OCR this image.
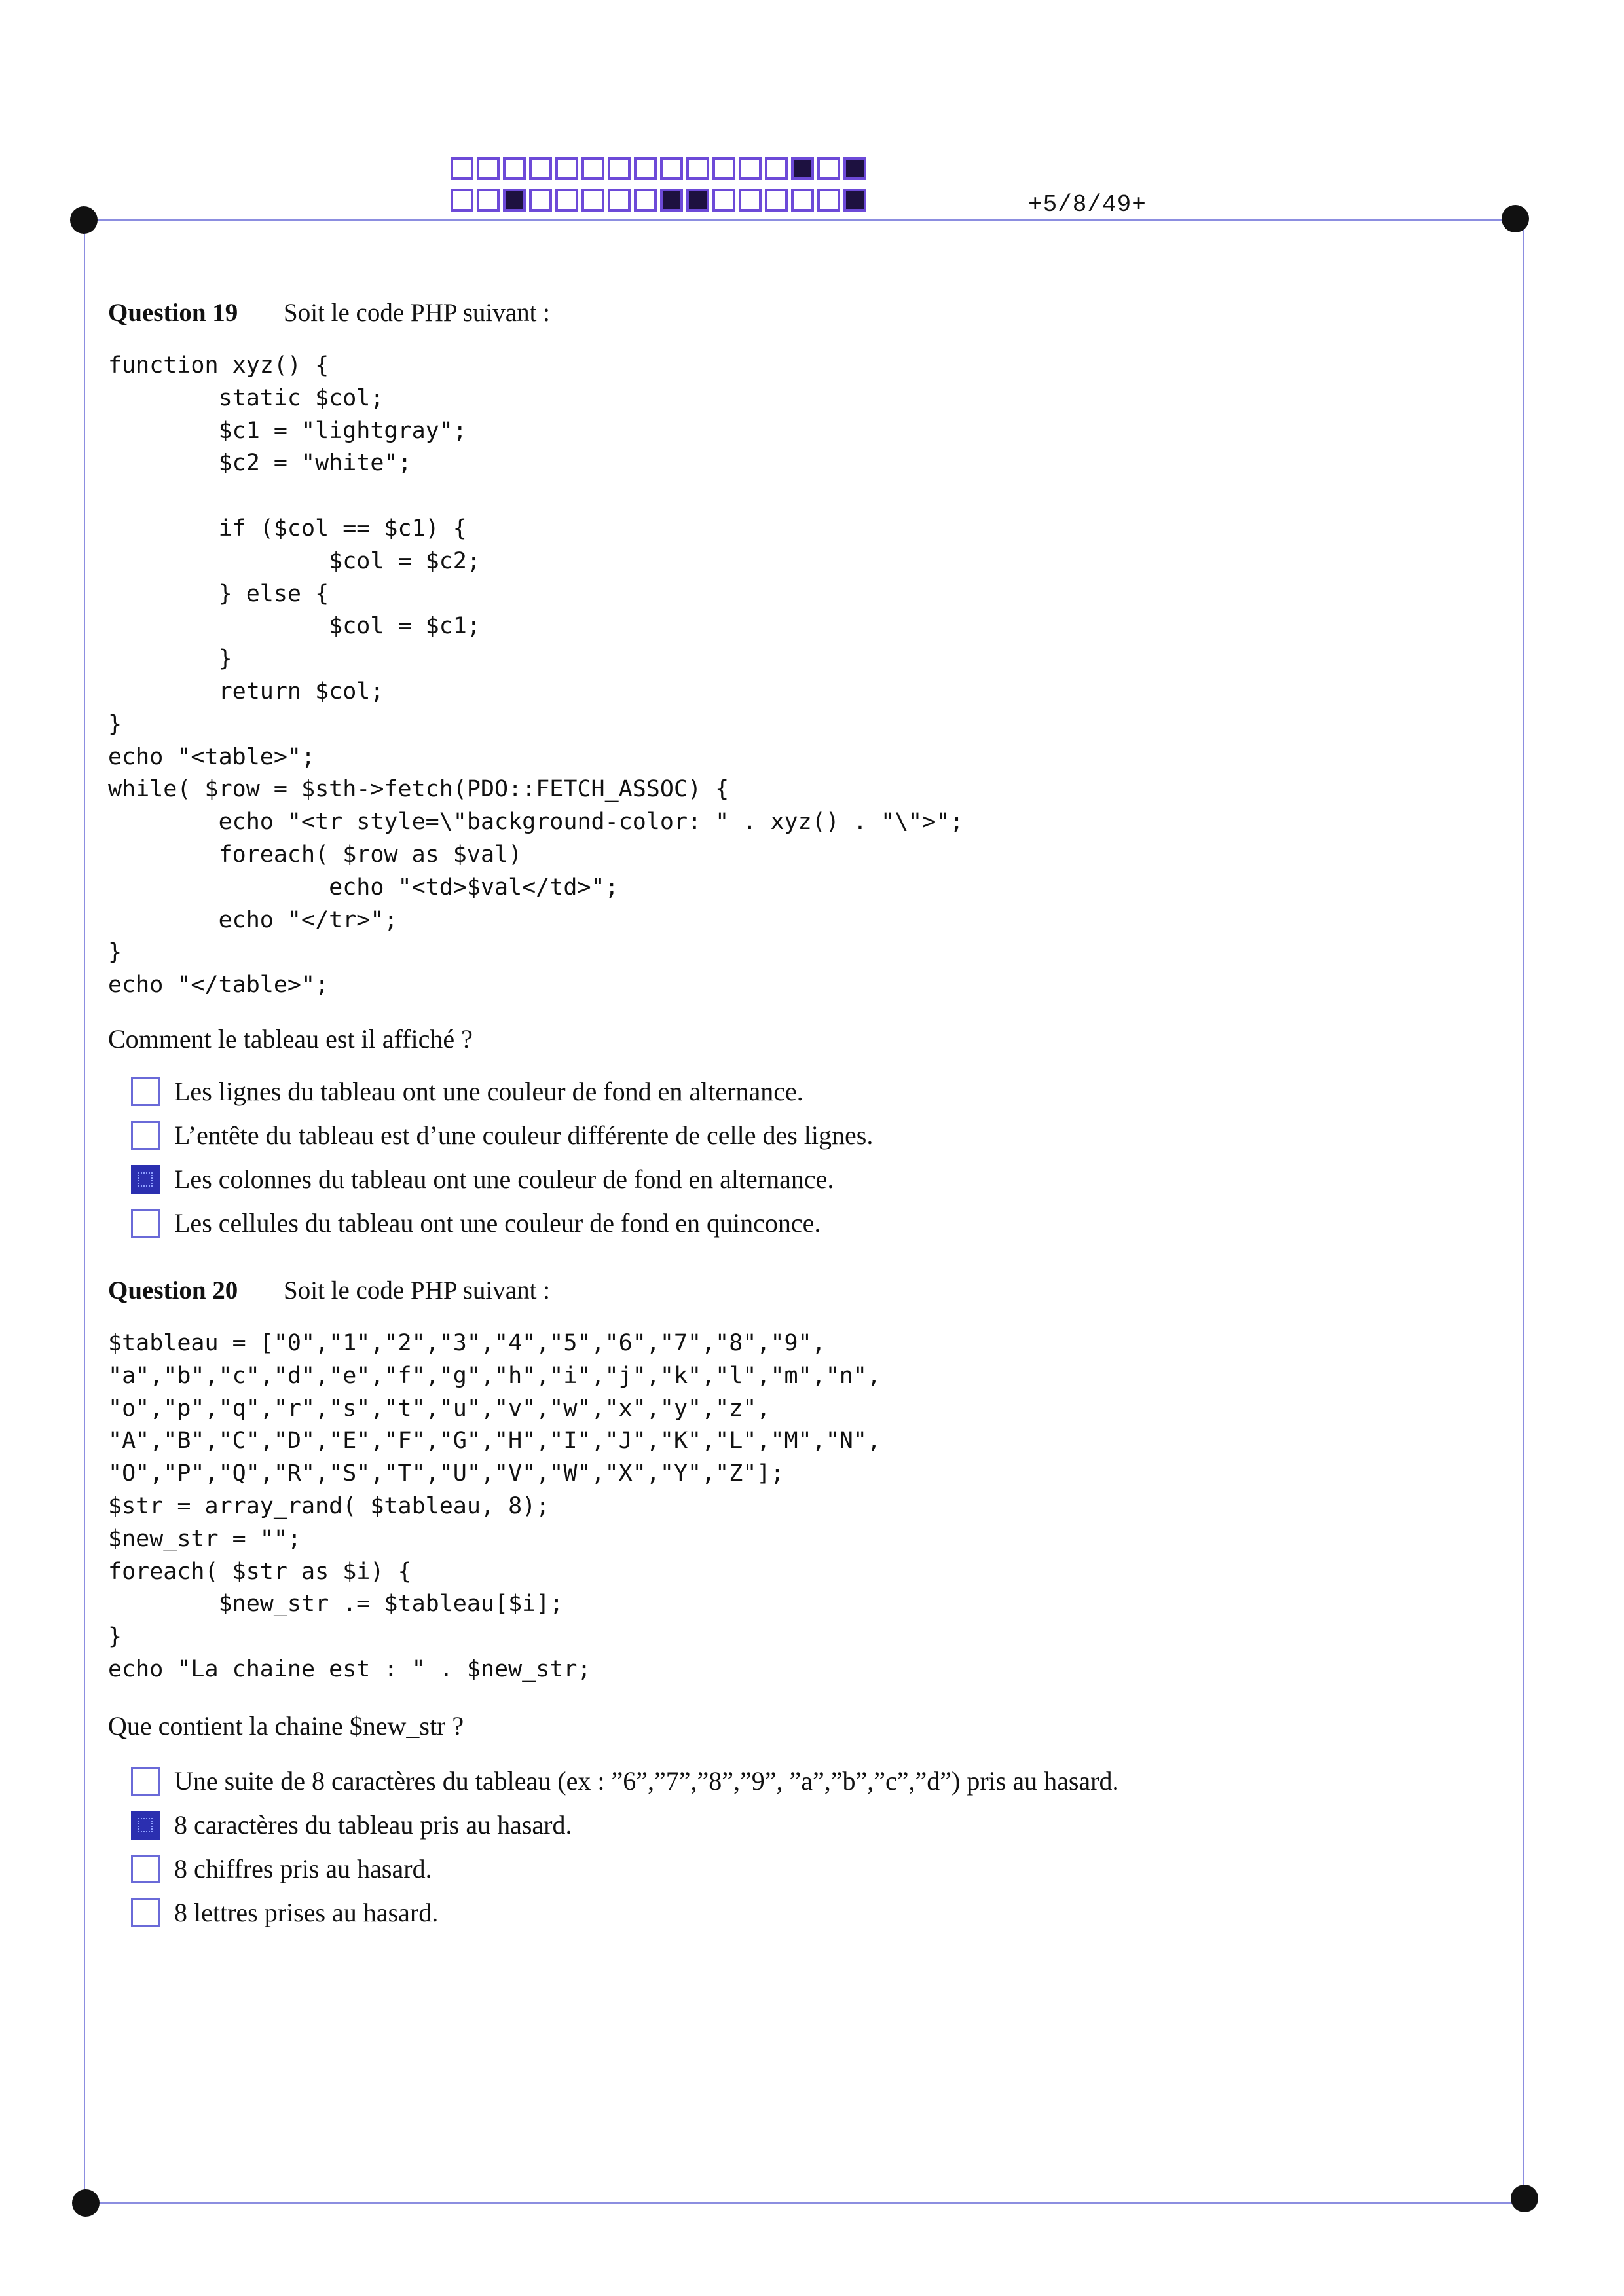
+5/8/49+
Question 19 Soit le code PHP suivant :
function xyz() {
static $col;
$c1 = "lightgray";
$c2 = "white";

if ($col == $c1) {
$col = $c2;
} else {
$col = $c1;
}
return $col;
}
echo "<table>";
while( $row = $sth->fetch(PDO::FETCH_ASSOC) {
echo "<tr style=\"background-color: " . xyz() . "\">";
foreach( $row as $val)
echo "<td>$val</td>";
echo "</tr>";
}
echo "</table>";
Comment le tableau est il affiché ?
Les lignes du tableau ont une couleur de fond en alternance.
L’entête du tableau est d’une couleur différente de celle des lignes.
Les colonnes du tableau ont une couleur de fond en alternance.
Les cellules du tableau ont une couleur de fond en quinconce.
Question 20 Soit le code PHP suivant :
$tableau = ["0","1","2","3","4","5","6","7","8","9",
"a","b","c","d","e","f","g","h","i","j","k","l","m","n",
"o","p","q","r","s","t","u","v","w","x","y","z",
"A","B","C","D","E","F","G","H","I","J","K","L","M","N",
"O","P","Q","R","S","T","U","V","W","X","Y","Z"];
$str = array_rand( $tableau, 8);
$new_str = "";
foreach( $str as $i) {
$new_str .= $tableau[$i];
}
echo "La chaine est : " . $new_str;
Que contient la chaine $new_str ?
Une suite de 8 caractères du tableau (ex : ”6”,”7”,”8”,”9”, ”a”,”b”,”c”,”d”) pris au hasard.
8 caractères du tableau pris au hasard.
8 chiffres pris au hasard.
8 lettres prises au hasard.
